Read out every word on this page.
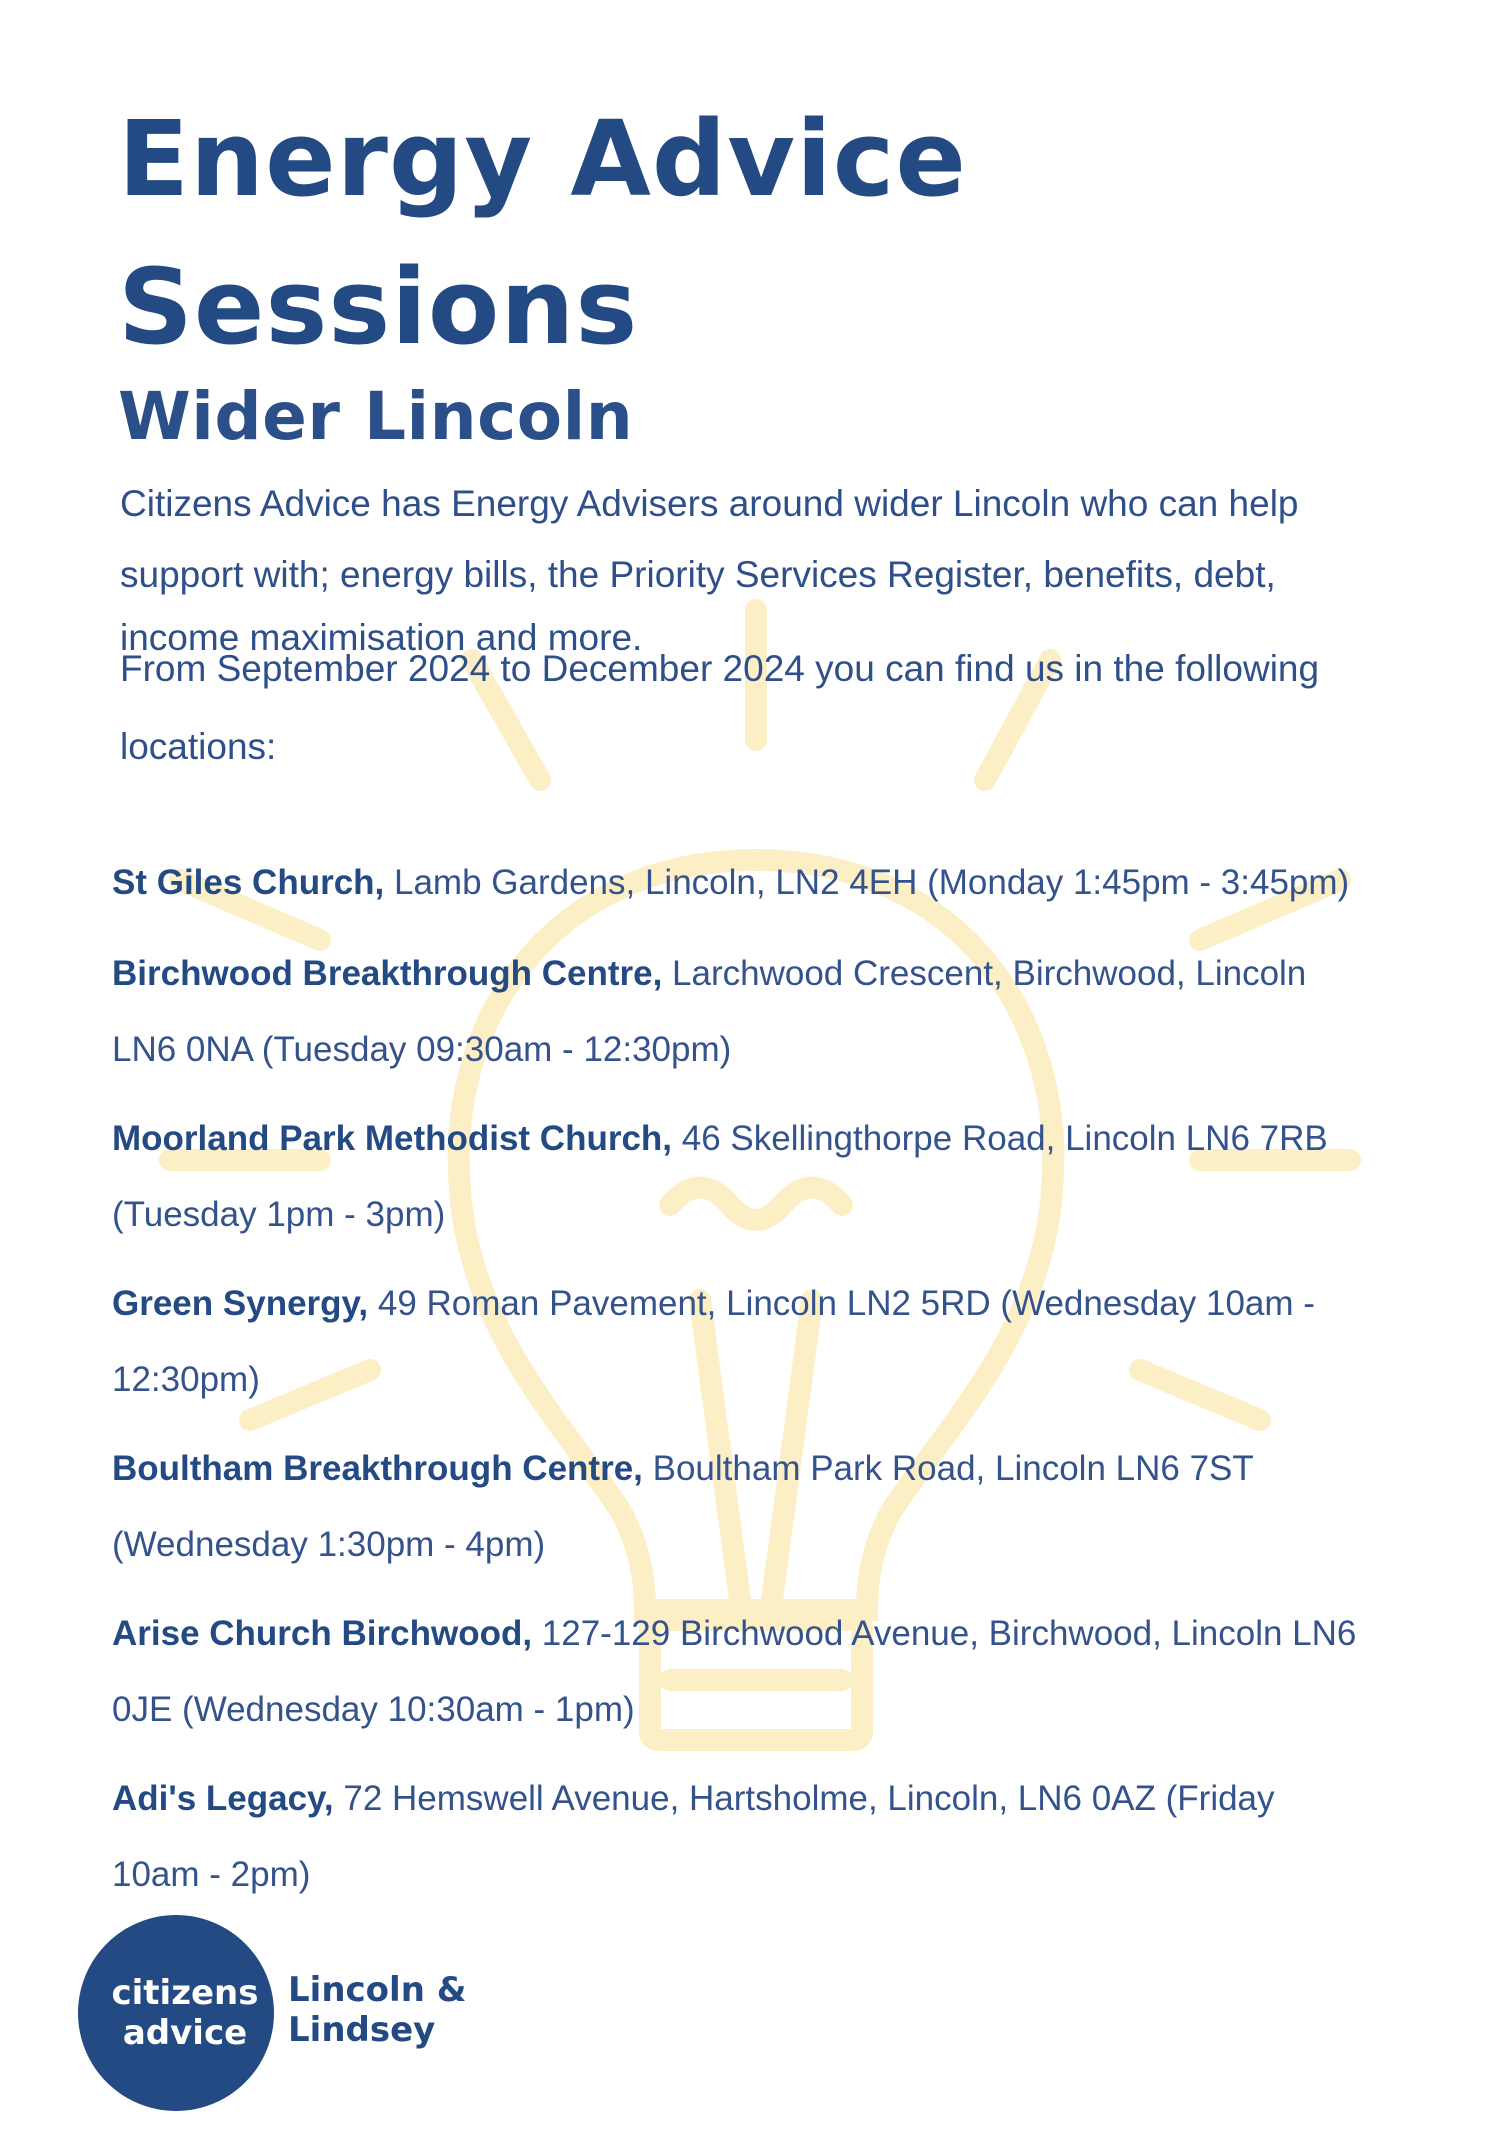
Energy Advice
Sessions
Wider Lincoln

Citizens Advice has Energy Advisers around wider Lincoln who can help
support with; energy bills, the Priority Services Register, benefits, debt,
income maximisation and more.

From September 2024 to December 2024 you can find us in the following
locations:

St Giles Church, Lamb Gardens, Lincoln, LN2 4EH (Monday 1:45pm - 3:45pm)

Birchwood Breakthrough Centre, Larchwood Crescent, Birchwood, Lincoln
LN6 0NA (Tuesday 09:30am - 12:30pm)

Moorland Park Methodist Church, 46 Skellingthorpe Road, Lincoln LN6 7RB
(Tuesday 1pm - 3pm)

Green Synergy, 49 Roman Pavement, Lincoln LN2 5RD (Wednesday 10am -
12:30pm)

Boultham Breakthrough Centre, Boultham Park Road, Lincoln LN6 7ST
(Wednesday 1:30pm - 4pm)

Arise Church Birchwood, 127-129 Birchwood Avenue, Birchwood, Lincoln LN6
0JE (Wednesday 10:30am - 1pm)

Adi's Legacy, 72 Hemswell Avenue, Hartsholme, Lincoln, LN6 0AZ (Friday
10am - 2pm)

citizens
advice
Lincoln &
Lindsey
